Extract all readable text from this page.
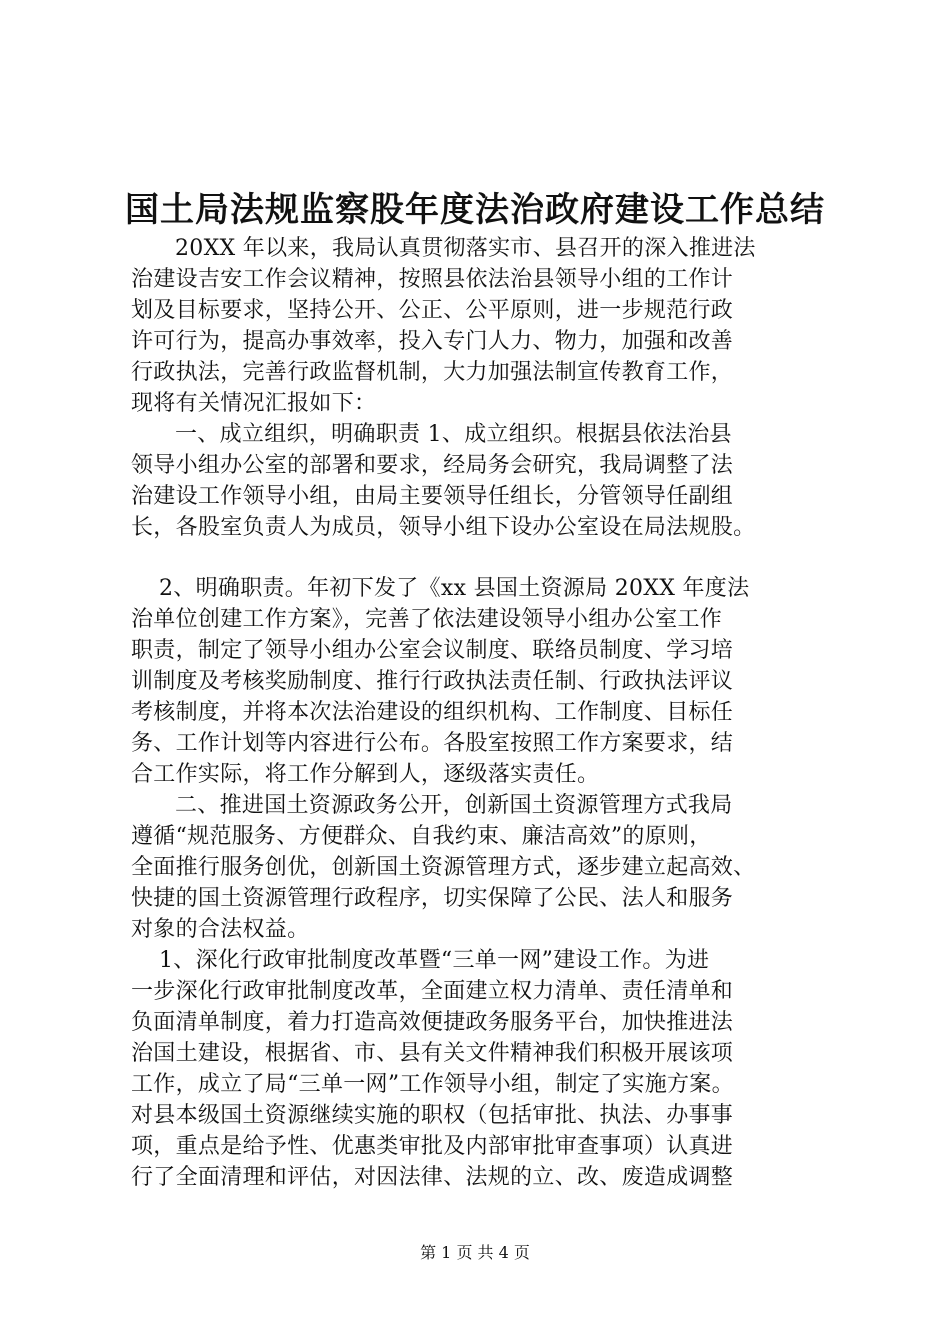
国土局法规监察股年度法治政府建设工作总结
20XX 年以来，我局认真贯彻落实市、县召开的深入推进法
治建设吉安工作会议精神，按照县依法治县领导小组的工作计
划及目标要求，坚持公开、公正、公平原则，进一步规范行政
许可行为，提高办事效率，投入专门人力、物力，加强和改善
行政执法，完善行政监督机制，大力加强法制宣传教育工作，
现将有关情况汇报如下：
一、成立组织，明确职责 1、成立组织。根据县依法治县
领导小组办公室的部署和要求，经局务会研究，我局调整了法
治建设工作领导小组，由局主要领导任组长，分管领导任副组
长，各股室负责人为成员，领导小组下设办公室设在局法规股。
2、明确职责。年初下发了《xx 县国土资源局 20XX 年度法
治单位创建工作方案》，完善了依法建设领导小组办公室工作
职责，制定了领导小组办公室会议制度、联络员制度、学习培
训制度及考核奖励制度、推行行政执法责任制、行政执法评议
考核制度，并将本次法治建设的组织机构、工作制度、目标任
务、工作计划等内容进行公布。各股室按照工作方案要求，结
合工作实际，将工作分解到人，逐级落实责任。
二、推进国土资源政务公开，创新国土资源管理方式我局
遵循“规范服务、方便群众、自我约束、廉洁高效”的原则，
全面推行服务创优，创新国土资源管理方式，逐步建立起高效、
快捷的国土资源管理行政程序，切实保障了公民、法人和服务
对象的合法权益。
1、深化行政审批制度改革暨“三单一网”建设工作。为进
一步深化行政审批制度改革，全面建立权力清单、责任清单和
负面清单制度，着力打造高效便捷政务服务平台，加快推进法
治国土建设，根据省、市、县有关文件精神我们积极开展该项
工作，成立了局“三单一网”工作领导小组，制定了实施方案。
对县本级国土资源继续实施的职权（包括审批、执法、办事事
项，重点是给予性、优惠类审批及内部审批审查事项）认真进
行了全面清理和评估，对因法律、法规的立、改、废造成调整
第 1 页 共 4 页
